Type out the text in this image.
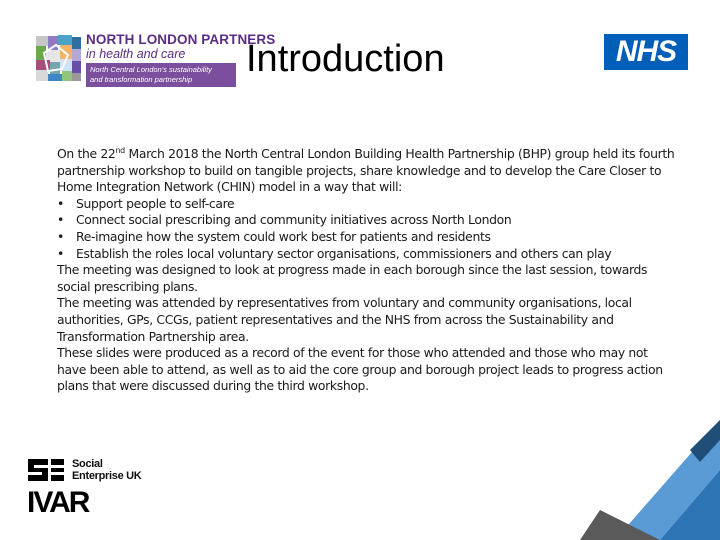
NORTH LONDON PARTNERS
in health and care
North Central London's sustainability
and transformation partnership	Introduction	NHS

On the 22nd March 2018 the North Central London Building Health Partnership (BHP) group held its fourth partnership workshop to build on tangible projects, share knowledge and to develop the Care Closer to Home Integration Network (CHIN) model in a way that will:

• Support people to self-care

• Connect social prescribing and community initiatives across North London

• Re-imagine how the system could work best for patients and residents

• Establish the roles local voluntary sector organisations, commissioners and others can play

The meeting was designed to look at progress made in each borough since the last session, towards social prescribing plans.

The meeting was attended by representatives from voluntary and community organisations, local authorities, GPs, CCGs, patient representatives and the NHS from across the Sustainability and Transformation Partnership area.

These slides were produced as a record of the event for those who attended and those who may not have been able to attend, as well as to aid the core group and borough project leads to progress action plans that were discussed during the third workshop.

Social
Enterprise UK
IVAR
